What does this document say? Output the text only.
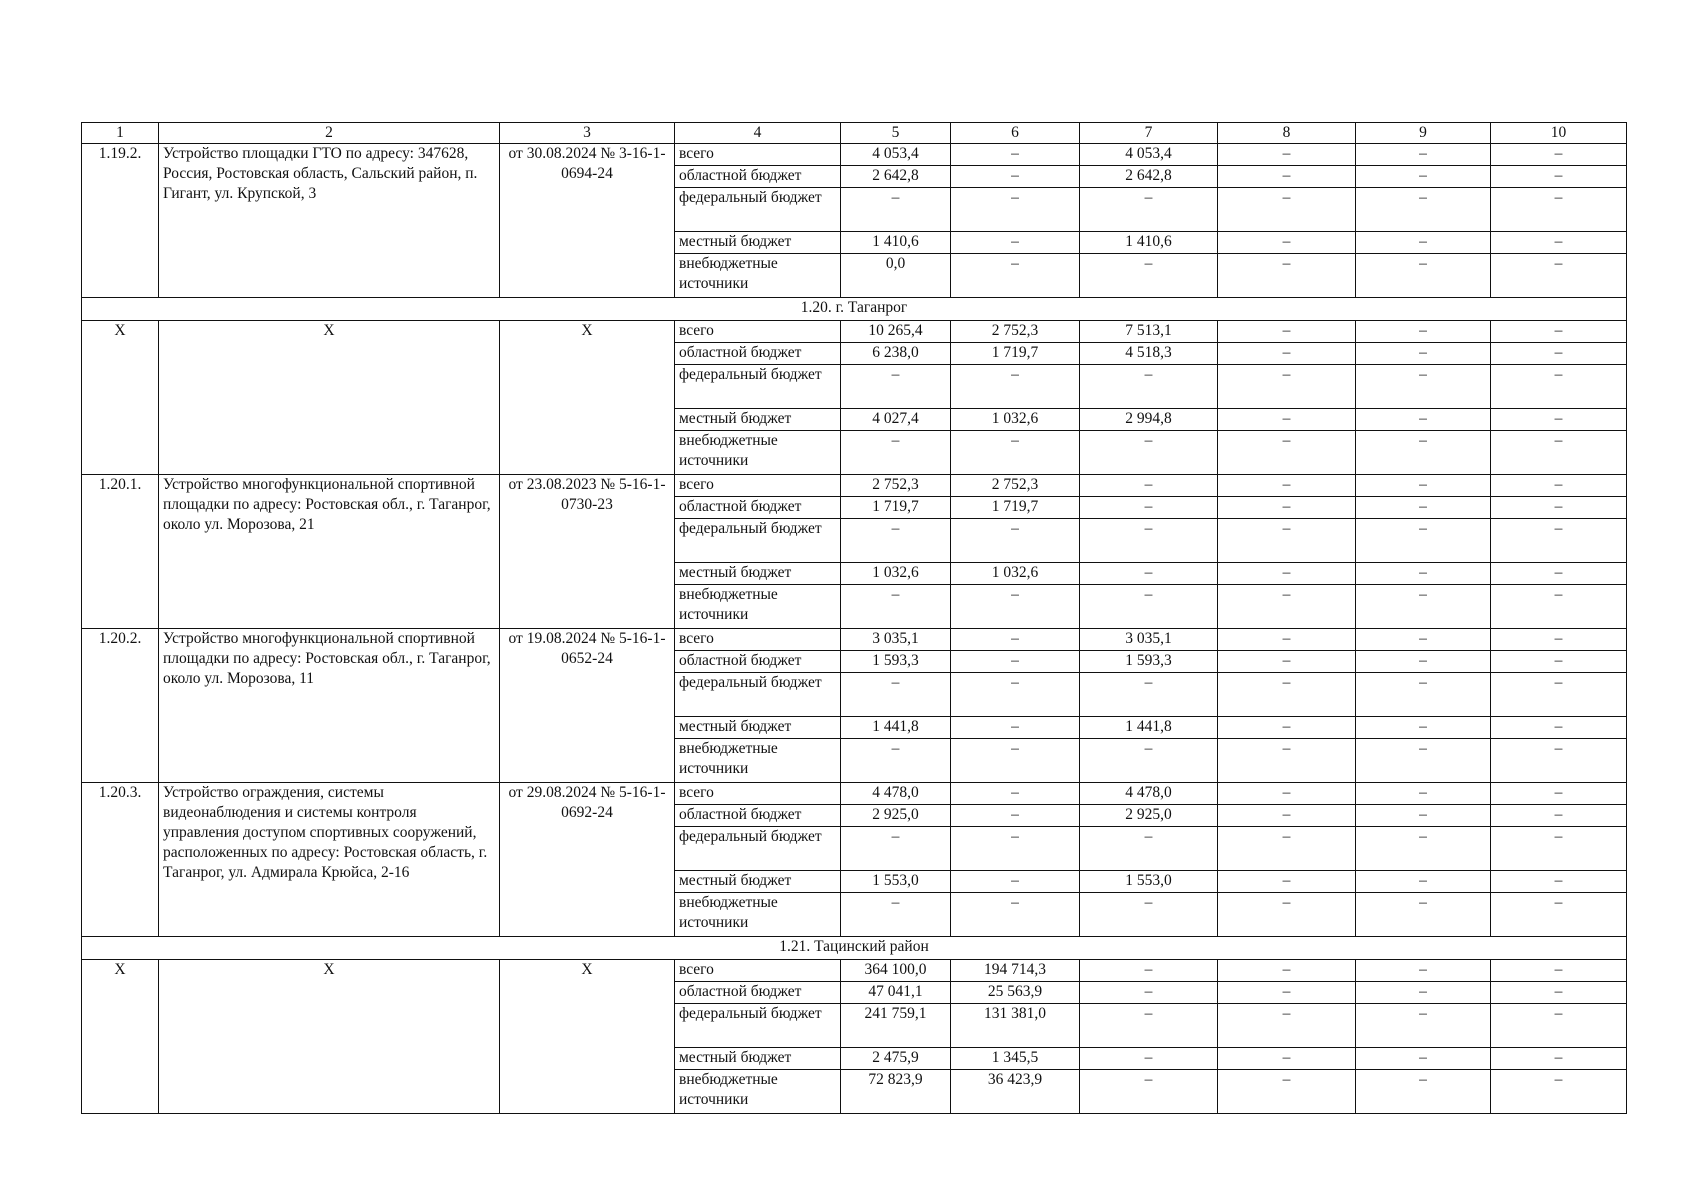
1	2	3	4	5	6	7	8	9	10
1.19.2.	Устройство площадки ГТО по адресу: 347628, Россия, Ростовская область, Сальский район, п. Гигант, ул. Крупской, 3	от 30.08.2024 № 3-16-1-0694-24	всего	4 053,4	–	4 053,4	–	–	–
			областной бюджет	2 642,8	–	2 642,8	–	–	–
			федеральный бюджет	–	–	–	–	–	–
			местный бюджет	1 410,6	–	1 410,6	–	–	–
			внебюджетные источники	0,0	–	–	–	–	–
1.20. г. Таганрог									
Х	Х	Х	всего	10 265,4	2 752,3	7 513,1	–	–	–
			областной бюджет	6 238,0	1 719,7	4 518,3	–	–	–
			федеральный бюджет	–	–	–	–	–	–
			местный бюджет	4 027,4	1 032,6	2 994,8	–	–	–
			внебюджетные источники	–	–	–	–	–	–
1.20.1.	Устройство многофункциональной спортивной площадки по адресу: Ростовская обл., г. Таганрог, около ул. Морозова, 21	от 23.08.2023 № 5-16-1-0730-23	всего	2 752,3	2 752,3	–	–	–	–
			областной бюджет	1 719,7	1 719,7	–	–	–	–
			федеральный бюджет	–	–	–	–	–	–
			местный бюджет	1 032,6	1 032,6	–	–	–	–
			внебюджетные источники	–	–	–	–	–	–
1.20.2.	Устройство многофункциональной спортивной площадки по адресу: Ростовская обл., г. Таганрог, около ул. Морозова, 11	от 19.08.2024 № 5-16-1-0652-24	всего	3 035,1	–	3 035,1	–	–	–
			областной бюджет	1 593,3	–	1 593,3	–	–	–
			федеральный бюджет	–	–	–	–	–	–
			местный бюджет	1 441,8	–	1 441,8	–	–	–
			внебюджетные источники	–	–	–	–	–	–
1.20.3.	Устройство ограждения, системы видеонаблюдения и системы контроля управления доступом спортивных сооружений, расположенных по адресу: Ростовская область, г. Таганрог, ул. Адмирала Крюйса, 2-16	от 29.08.2024 № 5-16-1-0692-24	всего	4 478,0	–	4 478,0	–	–	–
			областной бюджет	2 925,0	–	2 925,0	–	–	–
			федеральный бюджет	–	–	–	–	–	–
			местный бюджет	1 553,0	–	1 553,0	–	–	–
			внебюджетные источники	–	–	–	–	–	–
1.21. Тацинский район									
Х	Х	Х	всего	364 100,0	194 714,3	–	–	–	–
			областной бюджет	47 041,1	25 563,9	–	–	–	–
			федеральный бюджет	241 759,1	131 381,0	–	–	–	–
			местный бюджет	2 475,9	1 345,5	–	–	–	–
			внебюджетные источники	72 823,9	36 423,9	–	–	–	–
